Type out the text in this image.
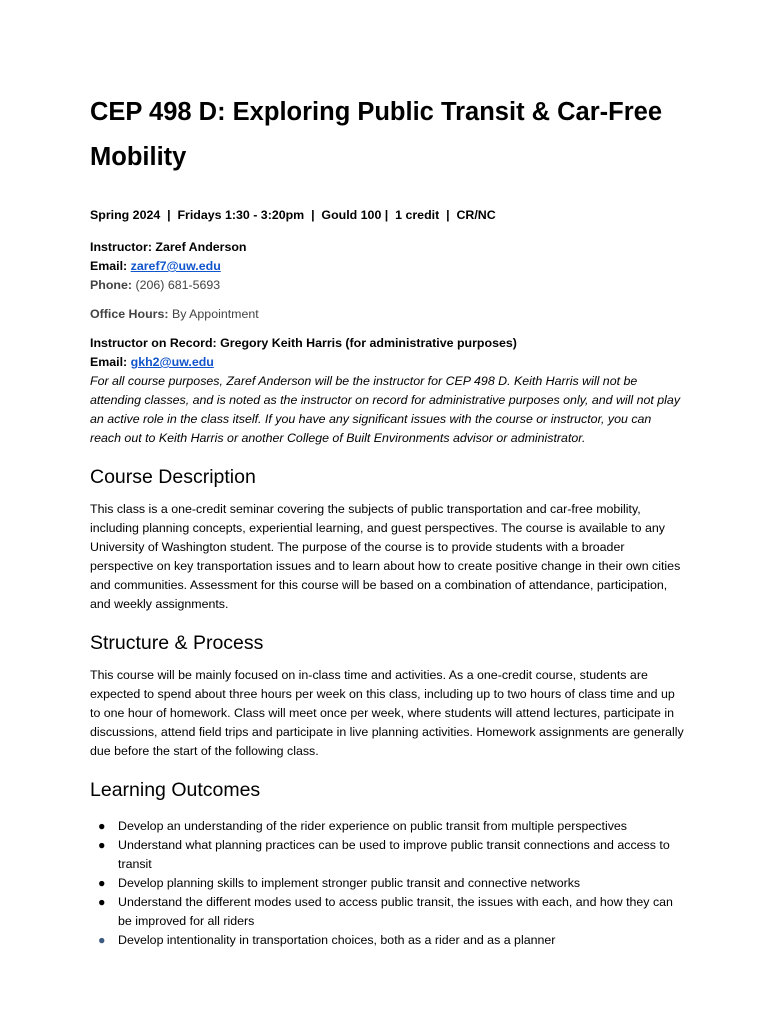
CEP 498 D: Exploring Public Transit & Car-Free Mobility
Spring 2024  |  Fridays 1:30 - 3:20pm  |  Gould 100 |  1 credit  |  CR/NC
Instructor: Zaref Anderson
Email: zaref7@uw.edu
Phone: (206) 681-5693
Office Hours: By Appointment
Instructor on Record: Gregory Keith Harris (for administrative purposes)
Email: gkh2@uw.edu
For all course purposes, Zaref Anderson will be the instructor for CEP 498 D. Keith Harris will not be attending classes, and is noted as the instructor on record for administrative purposes only, and will not play an active role in the class itself. If you have any significant issues with the course or instructor, you can reach out to Keith Harris or another College of Built Environments advisor or administrator.
Course Description

This class is a one-credit seminar covering the subjects of public transportation and car-free mobility, including planning concepts, experiential learning, and guest perspectives. The course is available to any University of Washington student. The purpose of the course is to provide students with a broader perspective on key transportation issues and to learn about how to create positive change in their own cities and communities. Assessment for this course will be based on a combination of attendance, participation, and weekly assignments.

Structure & Process

This course will be mainly focused on in-class time and activities. As a one-credit course, students are expected to spend about three hours per week on this class, including up to two hours of class time and up to one hour of homework. Class will meet once per week, where students will attend lectures, participate in discussions, attend field trips and participate in live planning activities. Homework assignments are generally due before the start of the following class.

Learning Outcomes
● Develop an understanding of the rider experience on public transit from multiple perspectives
● Understand what planning practices can be used to improve public transit connections and access to transit
● Develop planning skills to implement stronger public transit and connective networks
● Understand the different modes used to access public transit, the issues with each, and how they can be improved for all riders
● Develop intentionality in transportation choices, both as a rider and as a planner
